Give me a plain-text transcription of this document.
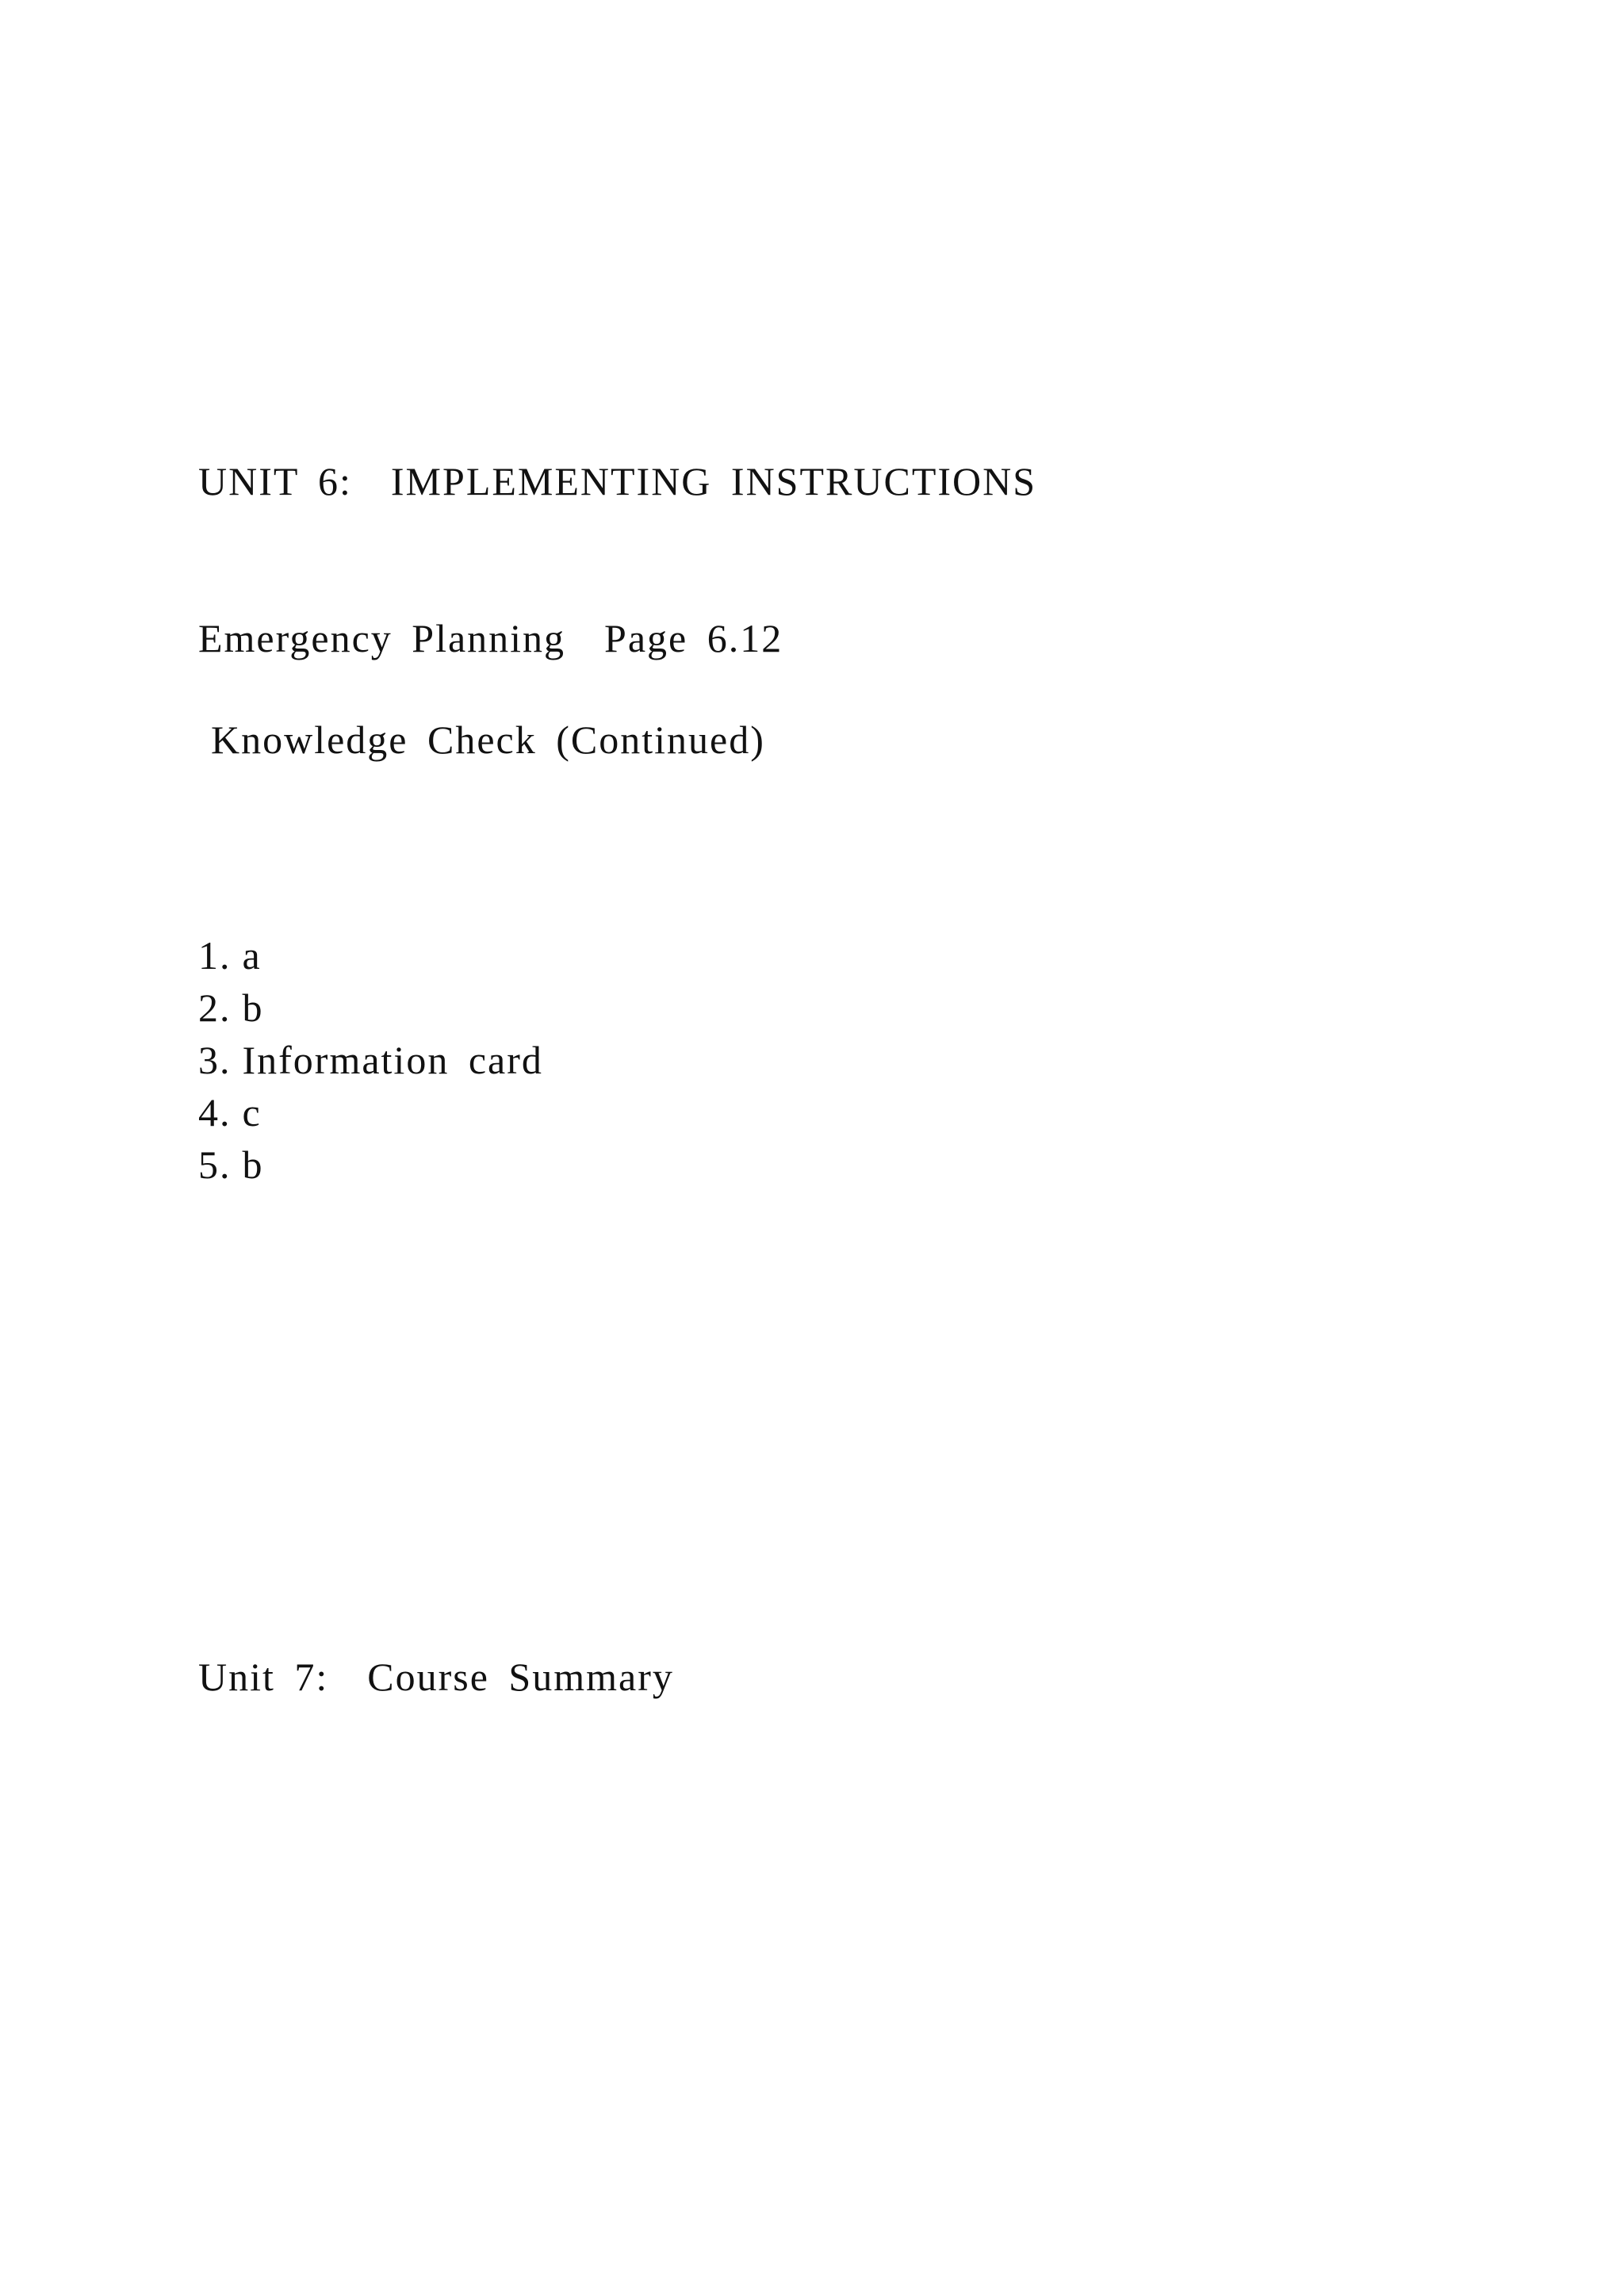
UNIT 6:  IMPLEMENTING INSTRUCTIONS
Emergency Planning  Page 6.12
Knowledge Check (Continued)
1. a
2. b
3. Information card
4. c
5. b
Unit 7:  Course Summary
